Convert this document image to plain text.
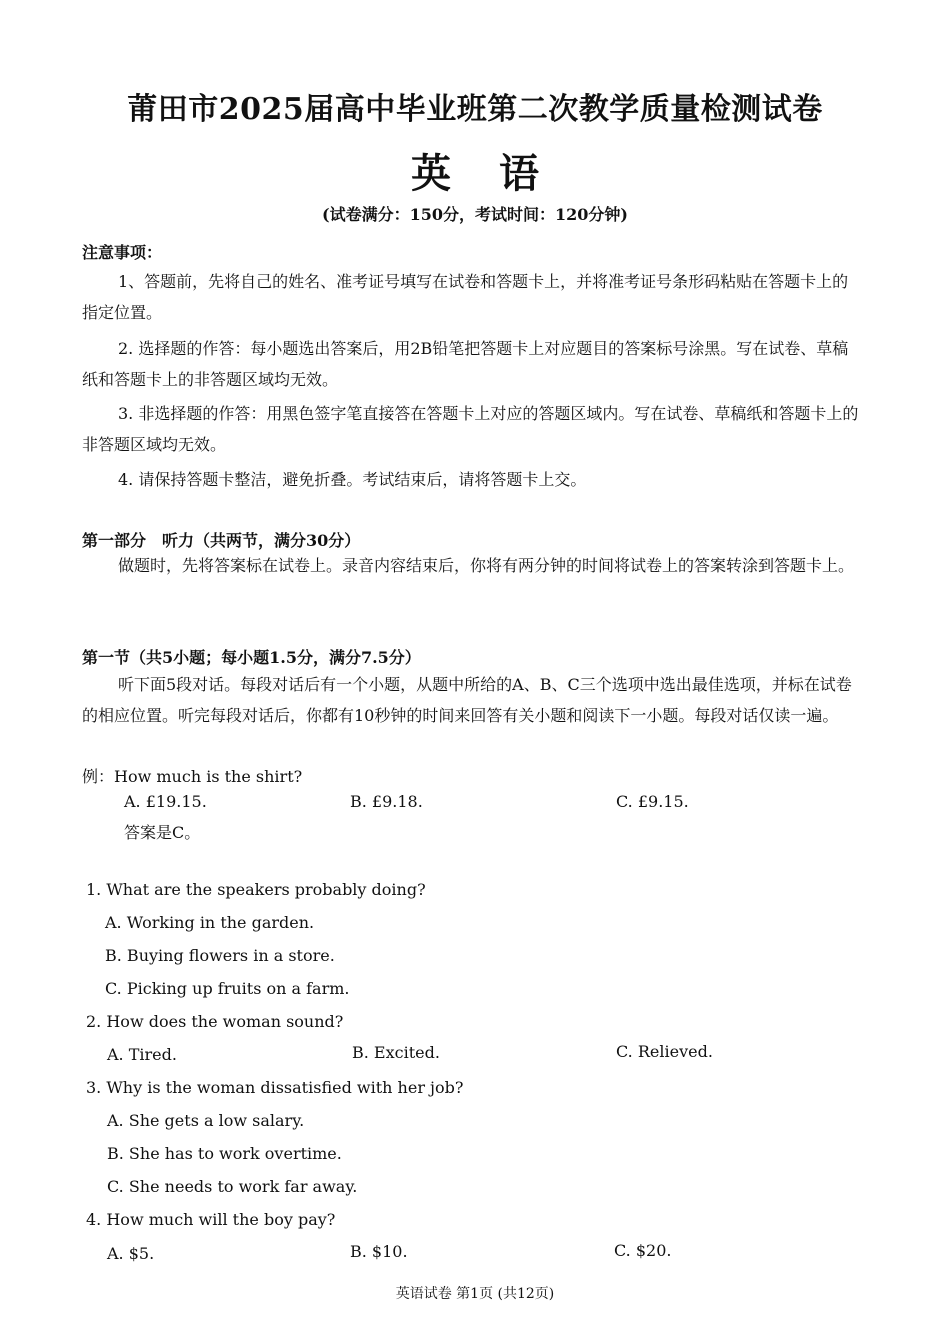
莆田市2025届高中毕业班第二次教学质量检测试卷
英语
(试卷满分：150分，考试时间：120分钟)
注意事项：
1、答题前，先将自己的姓名、准考证号填写在试卷和答题卡上，并将准考证号条形码粘贴在答题卡上的指定位置。
2. 选择题的作答：每小题选出答案后，用2B铅笔把答题卡上对应题目的答案标号涂黑。写在试卷、草稿纸和答题卡上的非答题区域均无效。
3. 非选择题的作答：用黑色签字笔直接答在答题卡上对应的答题区域内。写在试卷、草稿纸和答题卡上的非答题区域均无效。
4. 请保持答题卡整洁，避免折叠。考试结束后，请将答题卡上交。
第一部分　听力（共两节，满分30分）
做题时，先将答案标在试卷上。录音内容结束后，你将有两分钟的时间将试卷上的答案转涂到答题卡上。
第一节（共5小题；每小题1.5分，满分7.5分）
听下面5段对话。每段对话后有一个小题，从题中所给的A、B、C三个选项中选出最佳选项，并标在试卷的相应位置。听完每段对话后，你都有10秒钟的时间来回答有关小题和阅读下一小题。每段对话仅读一遍。
例：How much is the shirt?
A. £19.15.	B. £9.18.	C. £9.15.
答案是C。
1. What are the speakers probably doing?
A. Working in the garden.
B. Buying flowers in a store.
C. Picking up fruits on a farm.
2. How does the woman sound?
A. Tired.	B. Excited.	C. Relieved.
3. Why is the woman dissatisfied with her job?
A. She gets a low salary.
B. She has to work overtime.
C. She needs to work far away.
4. How much will the boy pay?
A. $5.	B. $10.	C. $20.
英语试卷 第1页 (共12页)
